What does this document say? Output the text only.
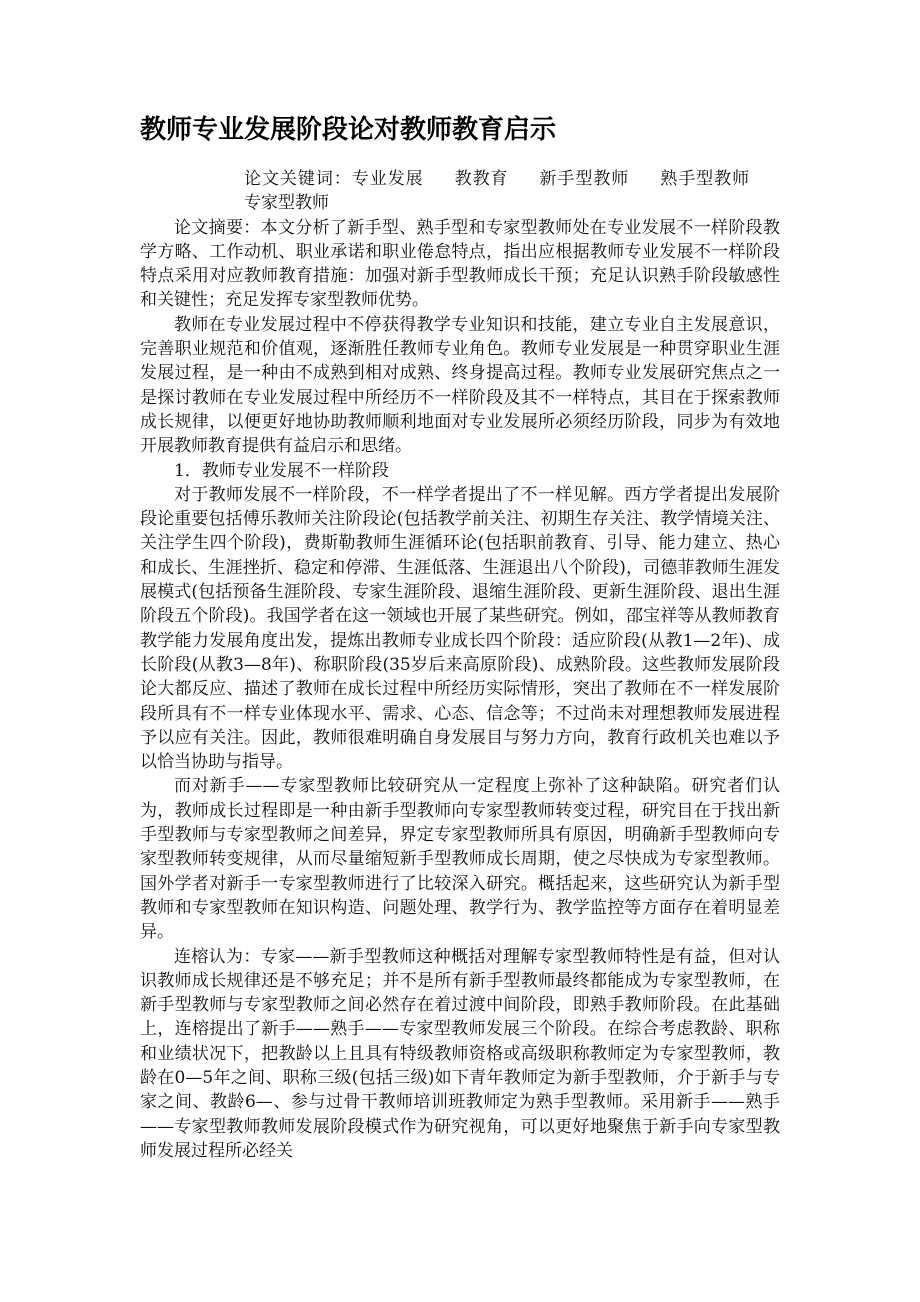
教师专业发展阶段论对教师教育启示

论文关键词：专业发展 教教育 新手型教师 熟手型教师专家型教师

论文摘要：本文分析了新手型、熟手型和专家型教师处在专业发展不一样阶段教学方略、工作动机、职业承诺和职业倦怠特点，指出应根据教师专业发展不一样阶段特点采用对应教师教育措施：加强对新手型教师成长干预；充足认识熟手阶段敏感性和关键性；充足发挥专家型教师优势。

教师在专业发展过程中不停获得教学专业知识和技能，建立专业自主发展意识，完善职业规范和价值观，逐渐胜任教师专业角色。教师专业发展是一种贯穿职业生涯发展过程，是一种由不成熟到相对成熟、终身提高过程。教师专业发展研究焦点之一是探讨教师在专业发展过程中所经历不一样阶段及其不一样特点，其目在于探索教师成长规律，以便更好地协助教师顺利地面对专业发展所必须经历阶段，同步为有效地开展教师教育提供有益启示和思绪。

1．教师专业发展不一样阶段

对于教师发展不一样阶段，不一样学者提出了不一样见解。西方学者提出发展阶段论重要包括傅乐教师关注阶段论(包括教学前关注、初期生存关注、教学情境关注、关注学生四个阶段)，费斯勒教师生涯循环论(包括职前教育、引导、能力建立、热心和成长、生涯挫折、稳定和停滞、生涯低落、生涯退出八个阶段)，司德菲教师生涯发展模式(包括预备生涯阶段、专家生涯阶段、退缩生涯阶段、更新生涯阶段、退出生涯阶段五个阶段)。我国学者在这一领域也开展了某些研究。例如，邵宝祥等从教师教育教学能力发展角度出发，提炼出教师专业成长四个阶段：适应阶段(从教1—2年)、成长阶段(从教3—8年)、称职阶段(35岁后来高原阶段)、成熟阶段。这些教师发展阶段论大都反应、描述了教师在成长过程中所经历实际情形，突出了教师在不一样发展阶段所具有不一样专业体现水平、需求、心态、信念等；不过尚未对理想教师发展进程予以应有关注。因此，教师很难明确自身发展目与努力方向，教育行政机关也难以予以恰当协助与指导。

而对新手——专家型教师比较研究从一定程度上弥补了这种缺陷。研究者们认为，教师成长过程即是一种由新手型教师向专家型教师转变过程，研究目在于找出新手型教师与专家型教师之间差异，界定专家型教师所具有原因，明确新手型教师向专家型教师转变规律，从而尽量缩短新手型教师成长周期，使之尽快成为专家型教师。国外学者对新手一专家型教师进行了比较深入研究。概括起来，这些研究认为新手型教师和专家型教师在知识构造、问题处理、教学行为、教学监控等方面存在着明显差异。

连榕认为：专家——新手型教师这种概括对理解专家型教师特性是有益，但对认识教师成长规律还是不够充足；并不是所有新手型教师最终都能成为专家型教师，在新手型教师与专家型教师之间必然存在着过渡中间阶段，即熟手教师阶段。在此基础上，连榕提出了新手——熟手——专家型教师发展三个阶段。在综合考虑教龄、职称和业绩状况下，把教龄以上且具有特级教师资格或高级职称教师定为专家型教师，教龄在0—5年之间、职称三级(包括三级)如下青年教师定为新手型教师，介于新手与专家之间、教龄6—、参与过骨干教师培训班教师定为熟手型教师。采用新手——熟手——专家型教师教师发展阶段模式作为研究视角，可以更好地聚焦于新手向专家型教师发展过程所必经关
